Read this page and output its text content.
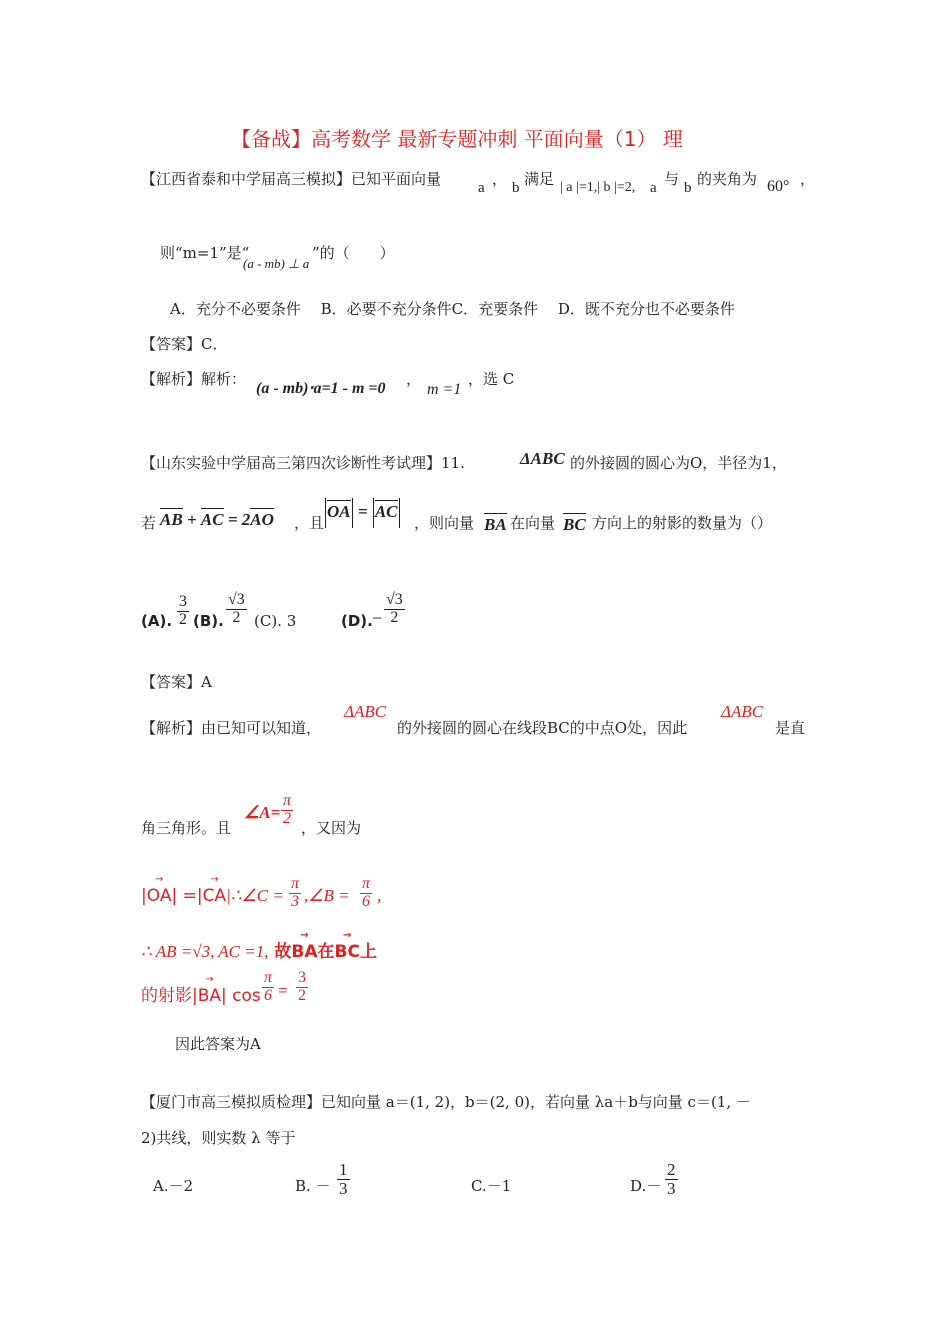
【备战】高考数学 最新专题冲刺 平面向量（1） 理
【江西省泰和中学届高三模拟】已知平面向量 a ， b 满足 | a |=1,| b |=2, a 与 b 的夹角为 60° ，
则“m=1”是“
(a - mb) ⊥ a
”的（　　）
A．充分不必要条件　 B．必要不充分条件C．充要条件　 D．既不充分也不必要条件
【答案】C．
【解析】解析：
(a - mb)⋅a=1 - m =0
，
m =1
，选 C
【山东实验中学届高三第四次诊断性考试理】11.	ΔABC 的外接圆的圆心为O，半径为1，
若 AB + AC = 2AO ，且
OA = AC
，则向量 BA 在向量 BC 方向上的射影的数量为（）
(A). $\frac{3}{2} (B)$. $\frac{√3}{2} (C)$. 3	(D). − $\frac{√3}{2}$
【答案】A
【解析】由已知可以知道，
ΔABC
的外接圆的圆心在线段BC的中点O处，因此
ΔABC
是直
角三角形。且
∠A= $\frac{\pi}{2}$
，又因为
|→ OA| =|→ CA|∴∠C = $\frac{\pi}{3}$ ,∠B = $\frac{\pi}{6}$ ,
∴ AB =√3, AC =1, 故→ BA在→ BC上
的射影|→ BA| $\cos \frac{\pi}{6} = \frac{3}{2}$
因此答案为A
【厦门市高三模拟质检理】已知向量 a＝(1, 2)，b＝(2, 0)，若向量 λa＋b与向量 c＝(1, －
2)共线，则实数 λ 等于
A.－2	B. － $\frac{1}{3}$	C.－1	$D.- \frac{2}{3}$
